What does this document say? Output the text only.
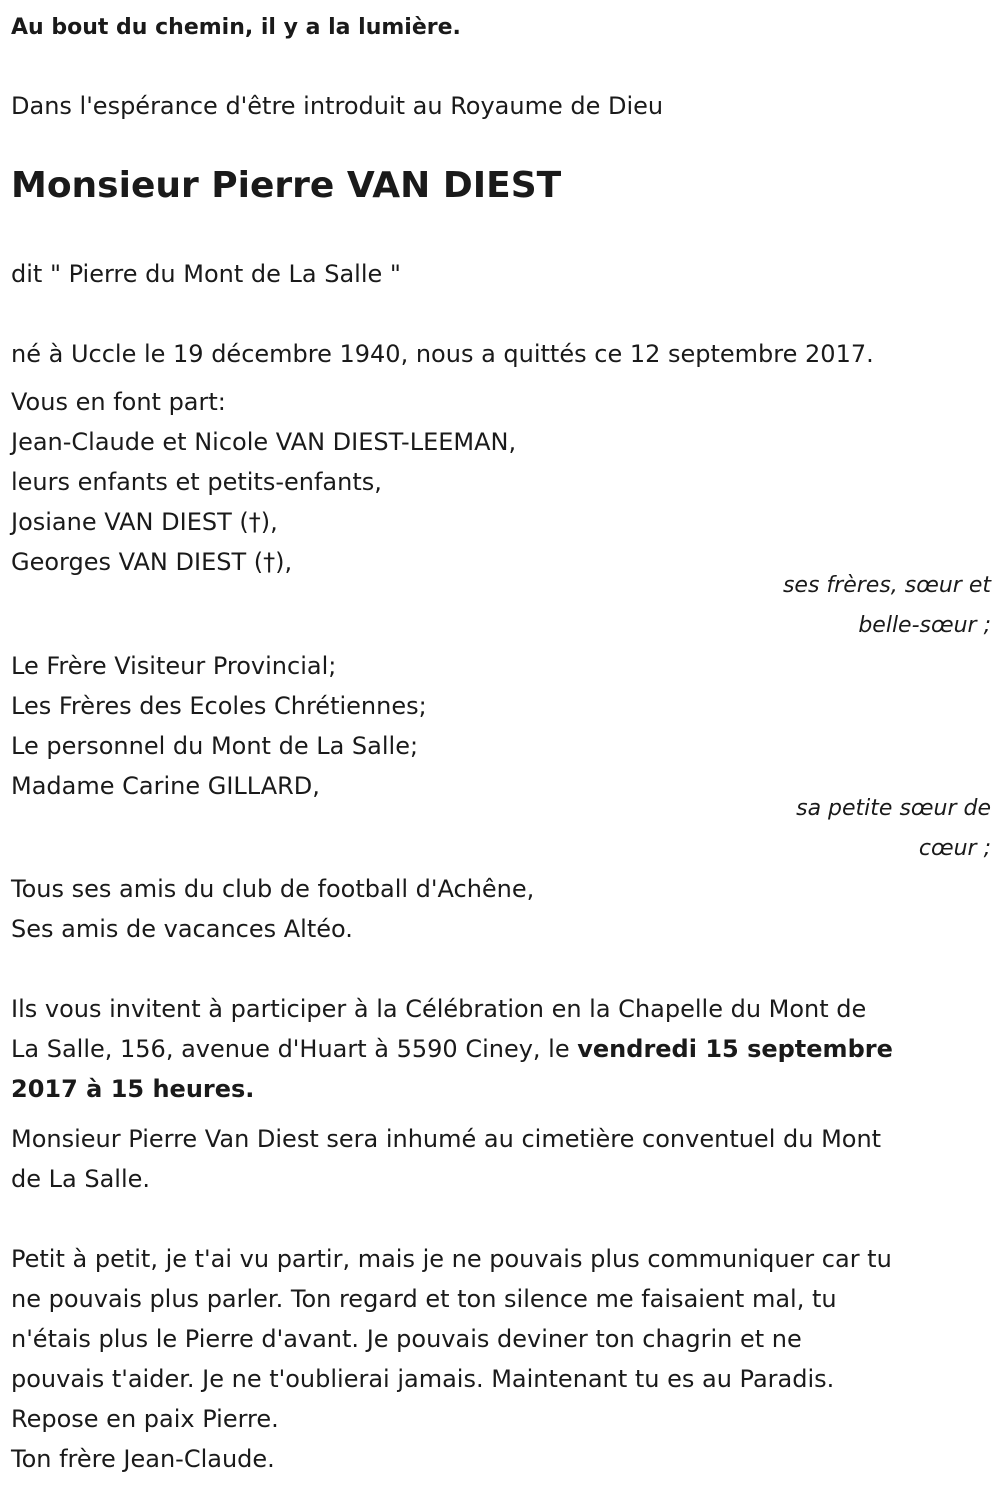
Au bout du chemin, il y a la lumière.
Dans l'espérance d'être introduit au Royaume de Dieu
Monsieur Pierre VAN DIEST
dit " Pierre du Mont de La Salle "
né à Uccle le 19 décembre 1940, nous a quittés ce 12 septembre 2017.
Vous en font part:
Jean-Claude et Nicole VAN DIEST-LEEMAN,
leurs enfants et petits-enfants,
Josiane VAN DIEST (†),
Georges VAN DIEST (†),
ses frères, sœur et
belle-sœur ;
Le Frère Visiteur Provincial;
Les Frères des Ecoles Chrétiennes;
Le personnel du Mont de La Salle;
Madame Carine GILLARD,
sa petite sœur de
cœur ;
Tous ses amis du club de football d'Achêne,
Ses amis de vacances Altéo.
Ils vous invitent à participer à la Célébration en la Chapelle du Mont de
La Salle, 156, avenue d'Huart à 5590 Ciney, le vendredi 15 septembre
2017 à 15 heures.
Monsieur Pierre Van Diest sera inhumé au cimetière conventuel du Mont
de La Salle.
Petit à petit, je t'ai vu partir, mais je ne pouvais plus communiquer car tu
ne pouvais plus parler. Ton regard et ton silence me faisaient mal, tu
n'étais plus le Pierre d'avant. Je pouvais deviner ton chagrin et ne
pouvais t'aider. Je ne t'oublierai jamais. Maintenant tu es au Paradis.
Repose en paix Pierre.
Ton frère Jean-Claude.
